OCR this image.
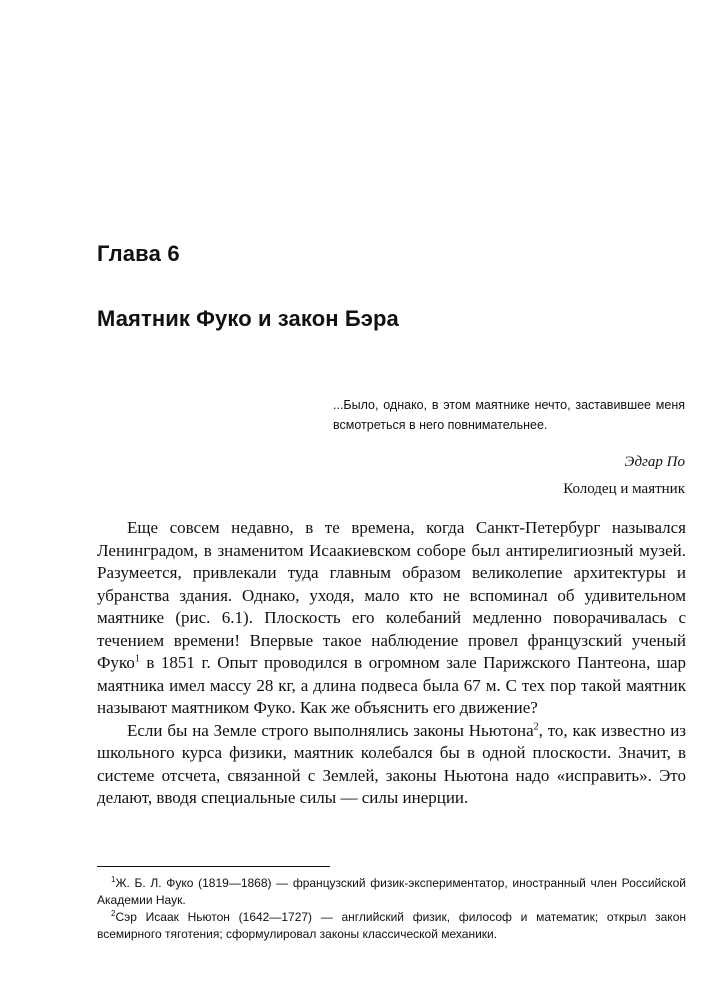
Глава 6
Маятник Фуко и закон Бэра
...Было, однако, в этом маятнике нечто, заставившее меня всмотреться в него повнимательнее.
Эдгар По
Колодец и маятник

Еще совсем недавно, в те времена, когда Санкт-Петербург назывался Ленинградом, в знаменитом Исаакиевском соборе был антирелигиозный музей. Разумеется, привлекали туда главным образом великолепие архитектуры и убранства здания. Однако, уходя, мало кто не вспоминал об удивительном маятнике (рис. 6.1). Плоскость его колебаний медленно поворачивалась с течением времени! Впервые такое наблюдение провел французский ученый Фуко$^1$ в 1851 г. Опыт проводился в огромном зале Парижского Пантеона, шар маятника имел массу 28 кг, а длина подвеса была 67 м. С тех пор такой маятник называют маятником Фуко. Как же объяснить его движение?

Если бы на Земле строго выполнялись законы Ньютона$^2$, то, как известно из школьного курса физики, маятник колебался бы в одной плоскости. Значит, в системе отсчета, связанной с Землей, законы Ньютона надо «исправить». Это делают, вводя специальные силы — силы инерции.

$^1$Ж. Б. Л. Фуко (1819—1868) — французский физик-экспериментатор, иностранный член Российской Академии Наук.

$^2$Сэр Исаак Ньютон (1642—1727) — английский физик, философ и математик; открыл закон всемирного тяготения; сформулировал законы классической механики.
